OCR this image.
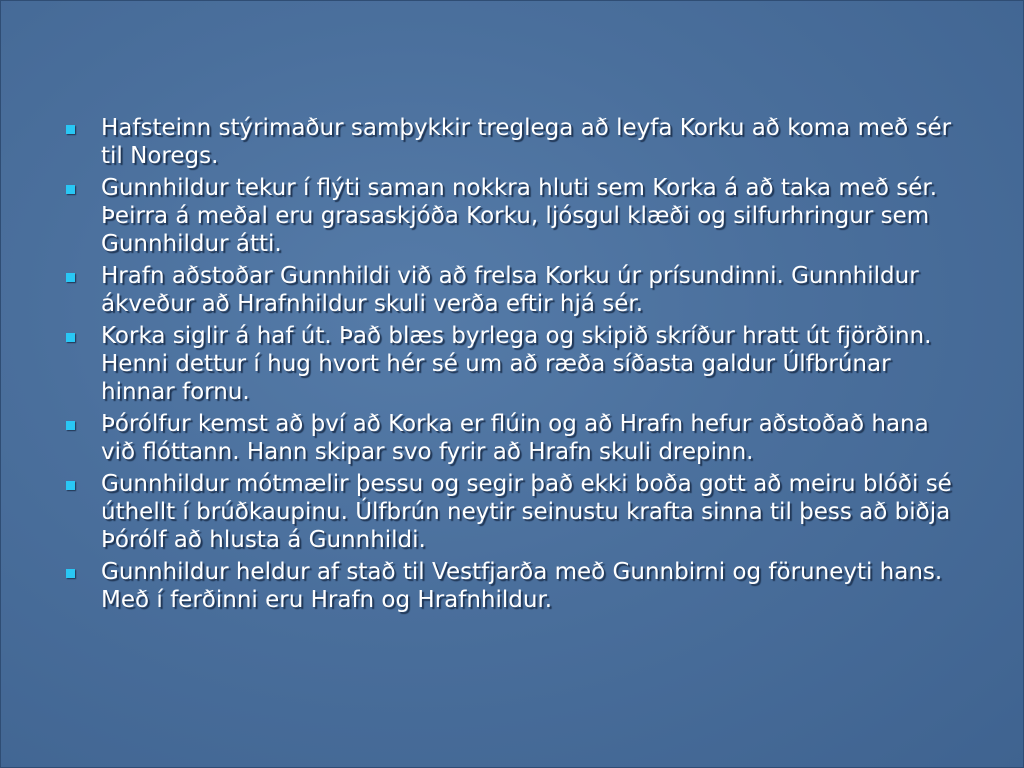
Hafsteinn stýrimaður samþykkir treglega að leyfa Korku að koma með sér til Noregs.
Gunnhildur tekur í flýti saman nokkra hluti sem Korka á að taka með sér. Þeirra á meðal eru grasaskjóða Korku, ljósgul klæði og silfurhringur sem Gunnhildur átti.
Hrafn aðstoðar Gunnhildi við að frelsa Korku úr prísundinni. Gunnhildur ákveður að Hrafnhildur skuli verða eftir hjá sér.
Korka siglir á haf út. Það blæs byrlega og skipið skríður hratt út fjörðinn. Henni dettur í hug hvort hér sé um að ræða síðasta galdur Úlfbrúnar hinnar fornu.
Þórólfur kemst að því að Korka er flúin og að Hrafn hefur aðstoðað hana við flóttann. Hann skipar svo fyrir að Hrafn skuli drepinn.
Gunnhildur mótmælir þessu og segir það ekki boða gott að meiru blóði sé úthellt í brúðkaupinu. Úlfbrún neytir seinustu krafta sinna til þess að biðja Þórólf að hlusta á Gunnhildi.
Gunnhildur heldur af stað til Vestfjarða með Gunnbirni og föruneyti hans. Með í ferðinni eru Hrafn og Hrafnhildur.
